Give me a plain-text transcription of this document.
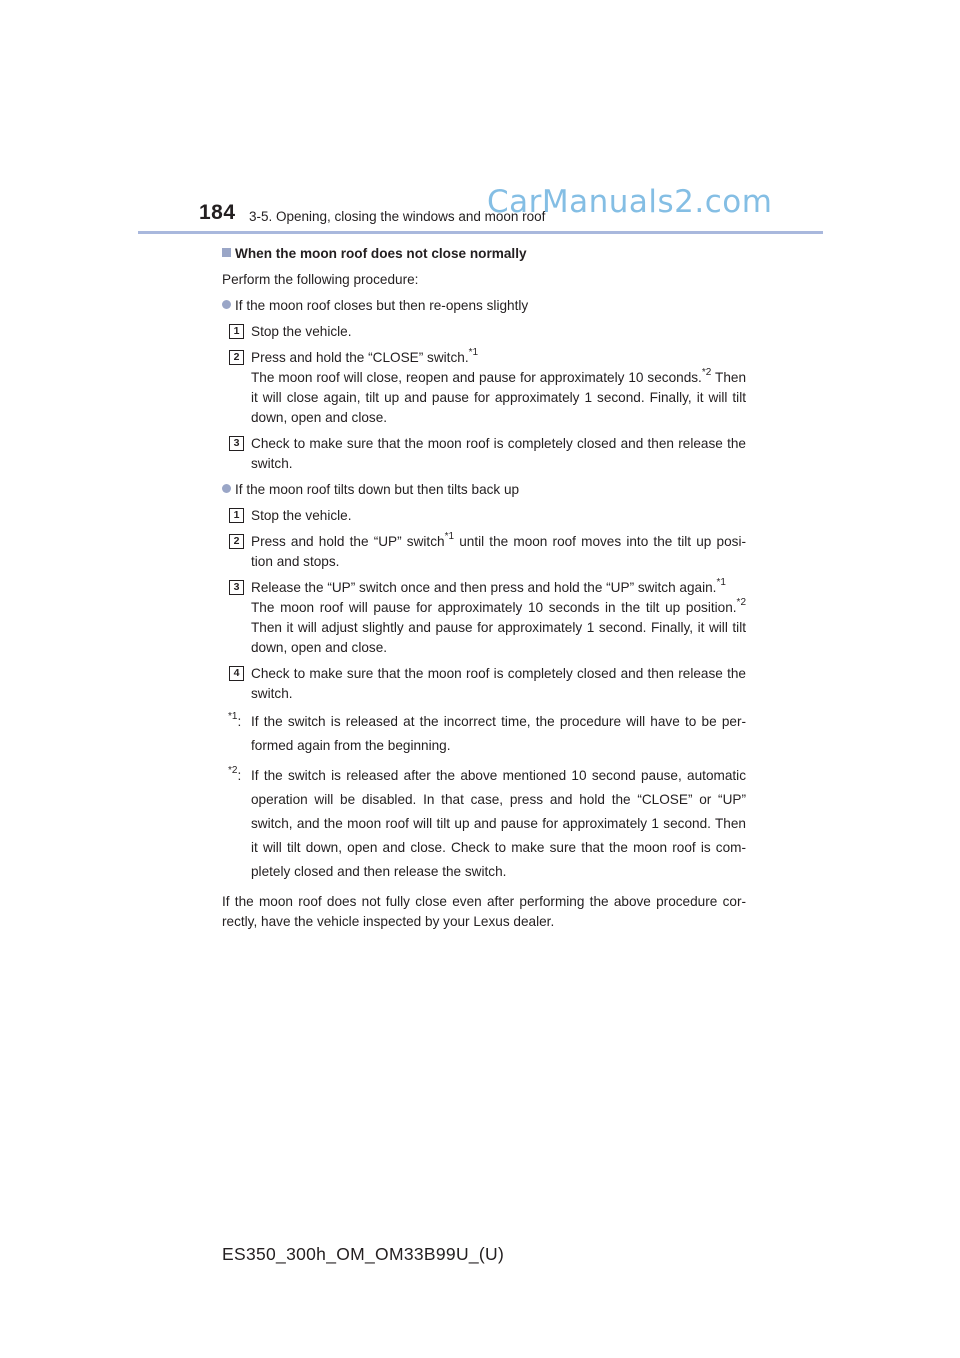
184 3-5. Opening, closing the windows and moon roof
CarManuals2.com
When the moon roof does not close normally

Perform the following procedure:

If the moon roof closes but then re-opens slightly
1 Stop the vehicle.

2 Press and hold the “CLOSE” switch.$^{*1}$
The moon roof will close, reopen and pause for approximately 10 seconds.$^{*2}$ Then it will close again, tilt up and pause for approximately 1 second. Finally, it will tilt down, open and close.

3 Check to make sure that the moon roof is completely closed and then release the switch.

If the moon roof tilts down but then tilts back up
1 Stop the vehicle.

2 Press and hold the “UP” switch$^{*1}$ until the moon roof moves into the tilt up posi-tion and stops.

3 Release the “UP” switch once and then press and hold the “UP” switch again.$^{*1}$
The moon roof will pause for approximately 10 seconds in the tilt up position.$^{*2}$ Then it will adjust slightly and pause for approximately 1 second. Finally, it will tilt down, open and close.

4 Check to make sure that the moon roof is completely closed and then release the switch.

$^{*1}$: If the switch is released at the incorrect time, the procedure will have to be per-formed again from the beginning.

$^{*2}$: If the switch is released after the above mentioned 10 second pause, automatic operation will be disabled. In that case, press and hold the “CLOSE” or “UP” switch, and the moon roof will tilt up and pause for approximately 1 second. Then it will tilt down, open and close. Check to make sure that the moon roof is com-pletely closed and then release the switch.

If the moon roof does not fully close even after performing the above procedure cor-rectly, have the vehicle inspected by your Lexus dealer.

ES350_300h_OM_OM33B99U_(U)
